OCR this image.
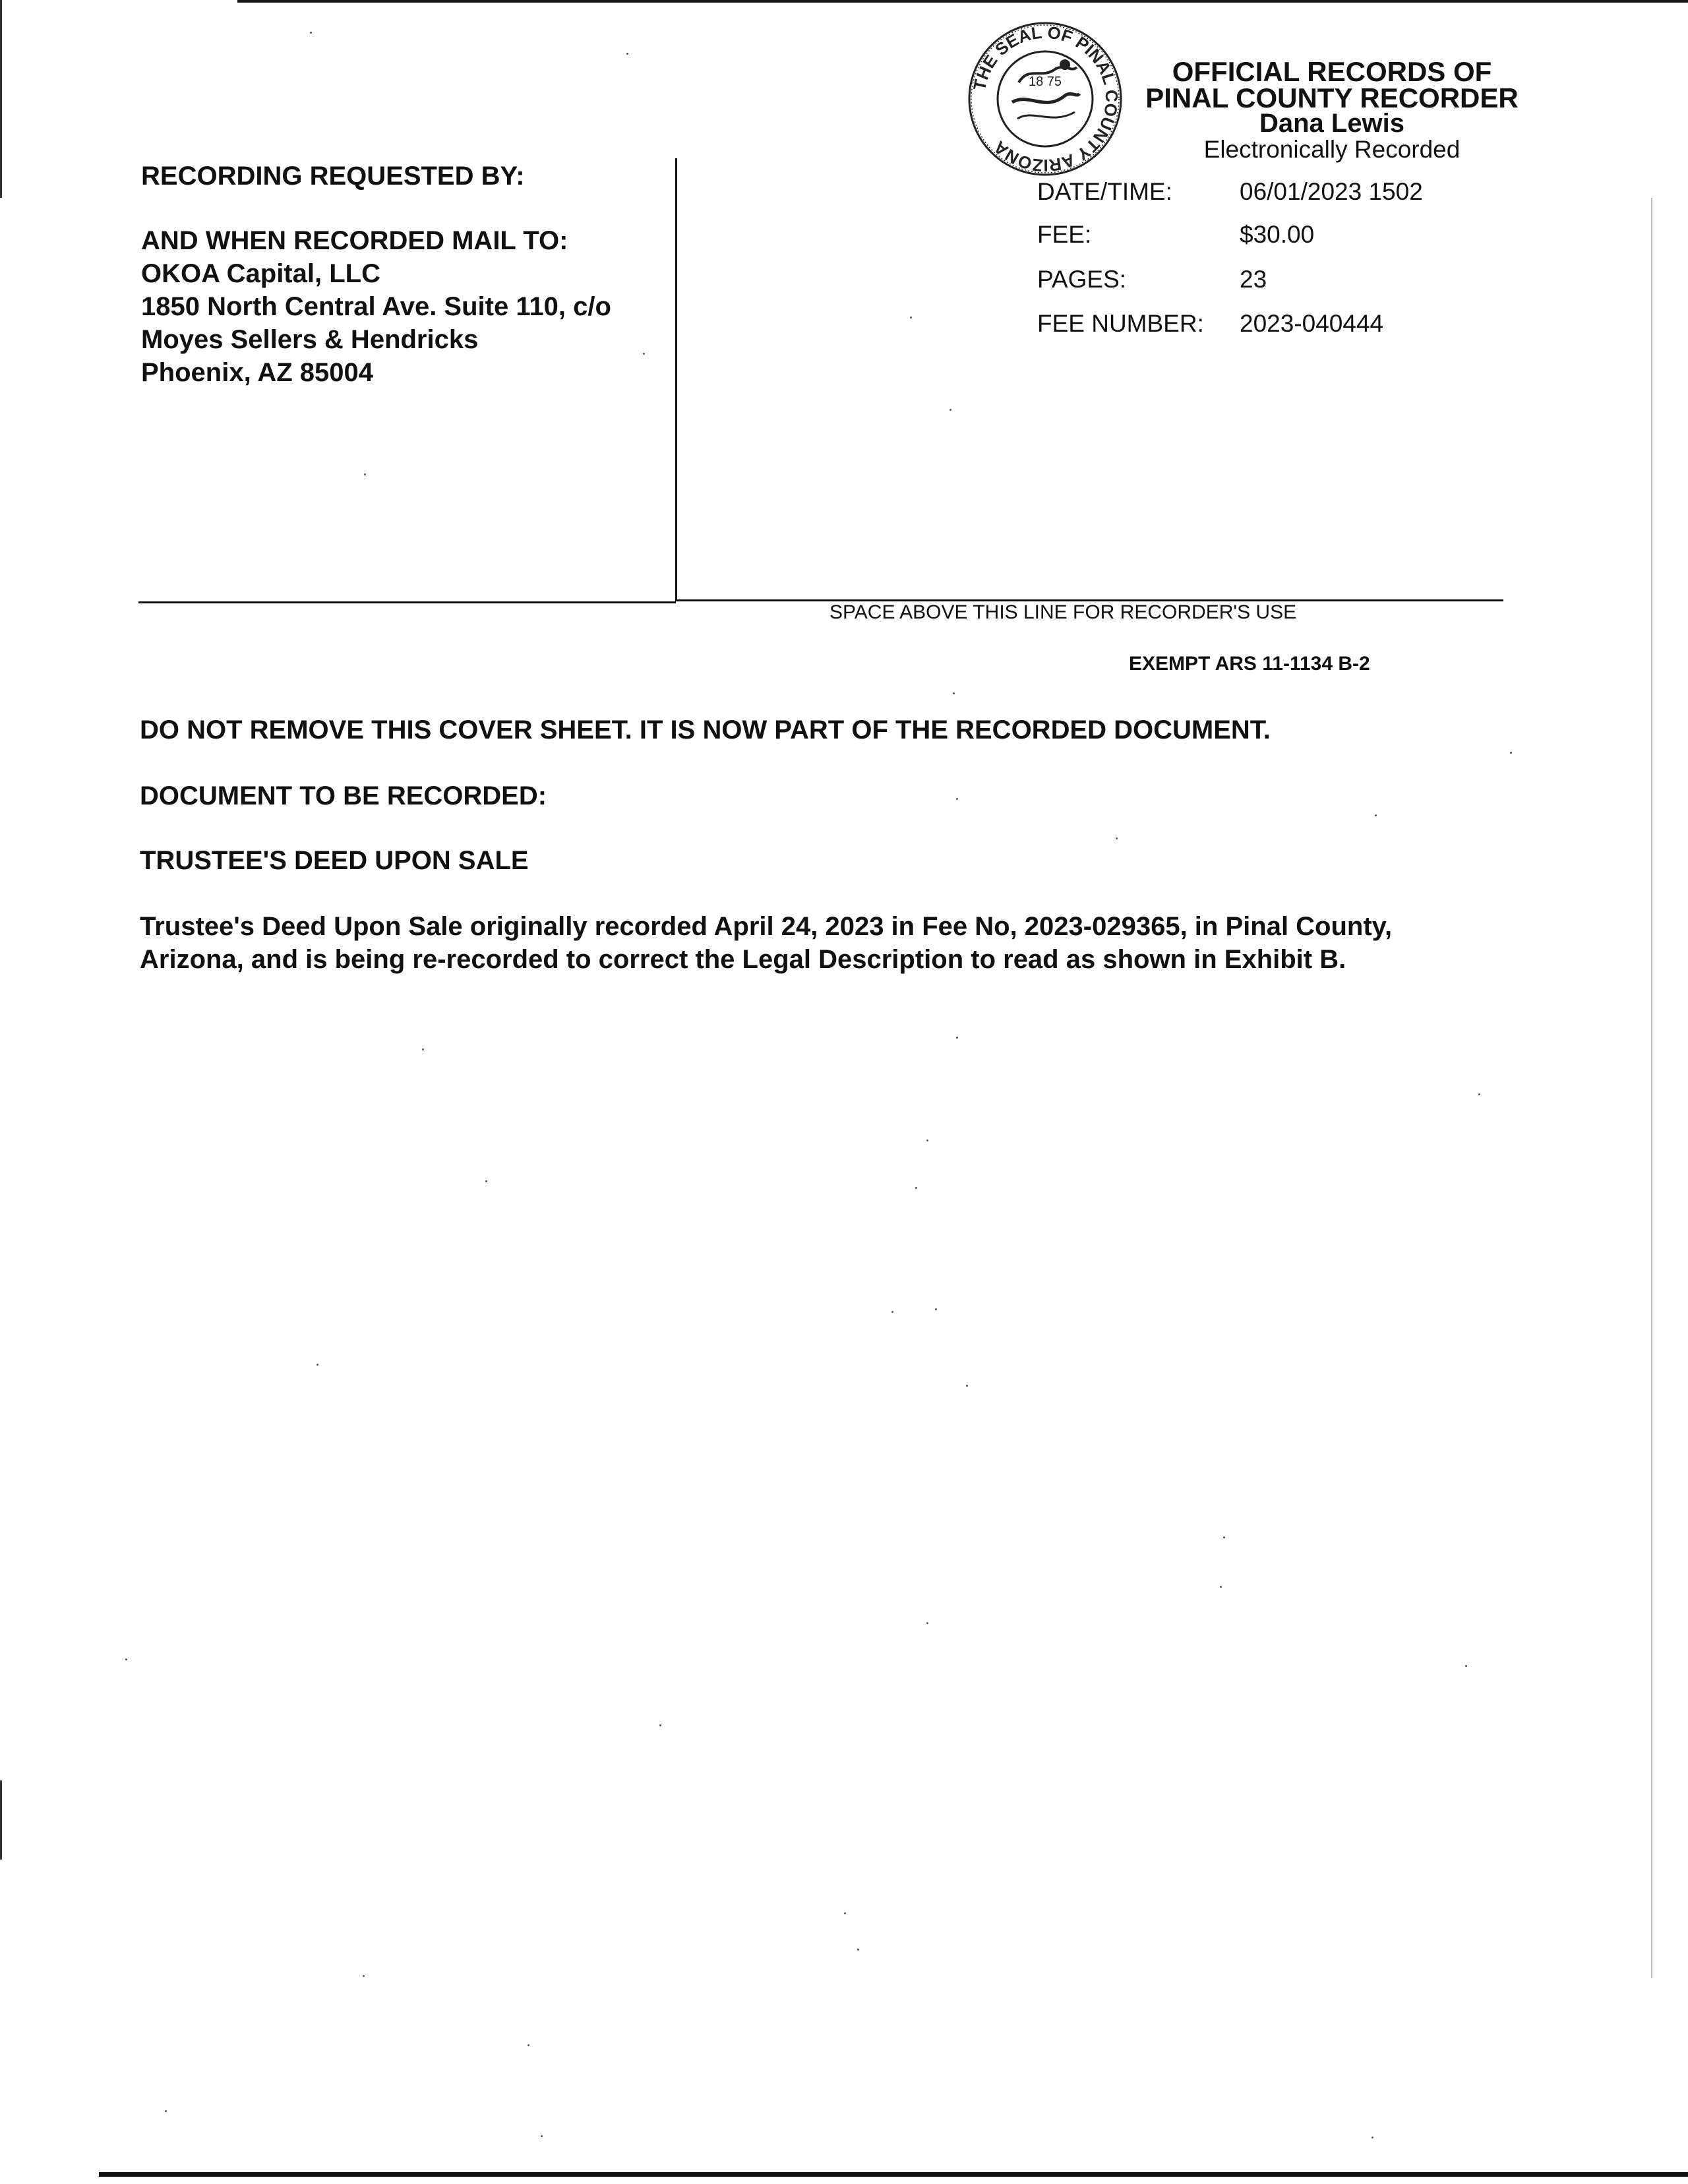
RECORDING REQUESTED BY:
AND WHEN RECORDED MAIL TO:
OKOA Capital, LLC
1850 North Central Ave. Suite 110, c/o
Moyes Sellers & Hendricks
Phoenix, AZ 85004
THE SEAL OF PINAL COUNTY ARIZONA
18 75	OFFICIAL RECORDS OF
PINAL COUNTY RECORDER
Dana Lewis
Electronically Recorded
DATE/TIME:	06/01/2023 1502
FEE:	$30.00
PAGES:	23
FEE NUMBER: 2023-040444
SPACE ABOVE THIS LINE FOR RECORDER'S USE
EXEMPT ARS 11-1134 B-2
DO NOT REMOVE THIS COVER SHEET. IT IS NOW PART OF THE RECORDED DOCUMENT.
DOCUMENT TO BE RECORDED:
TRUSTEE'S DEED UPON SALE
Trustee's Deed Upon Sale originally recorded April 24, 2023 in Fee No, 2023-029365, in Pinal County,
Arizona, and is being re-recorded to correct the Legal Description to read as shown in Exhibit B.
